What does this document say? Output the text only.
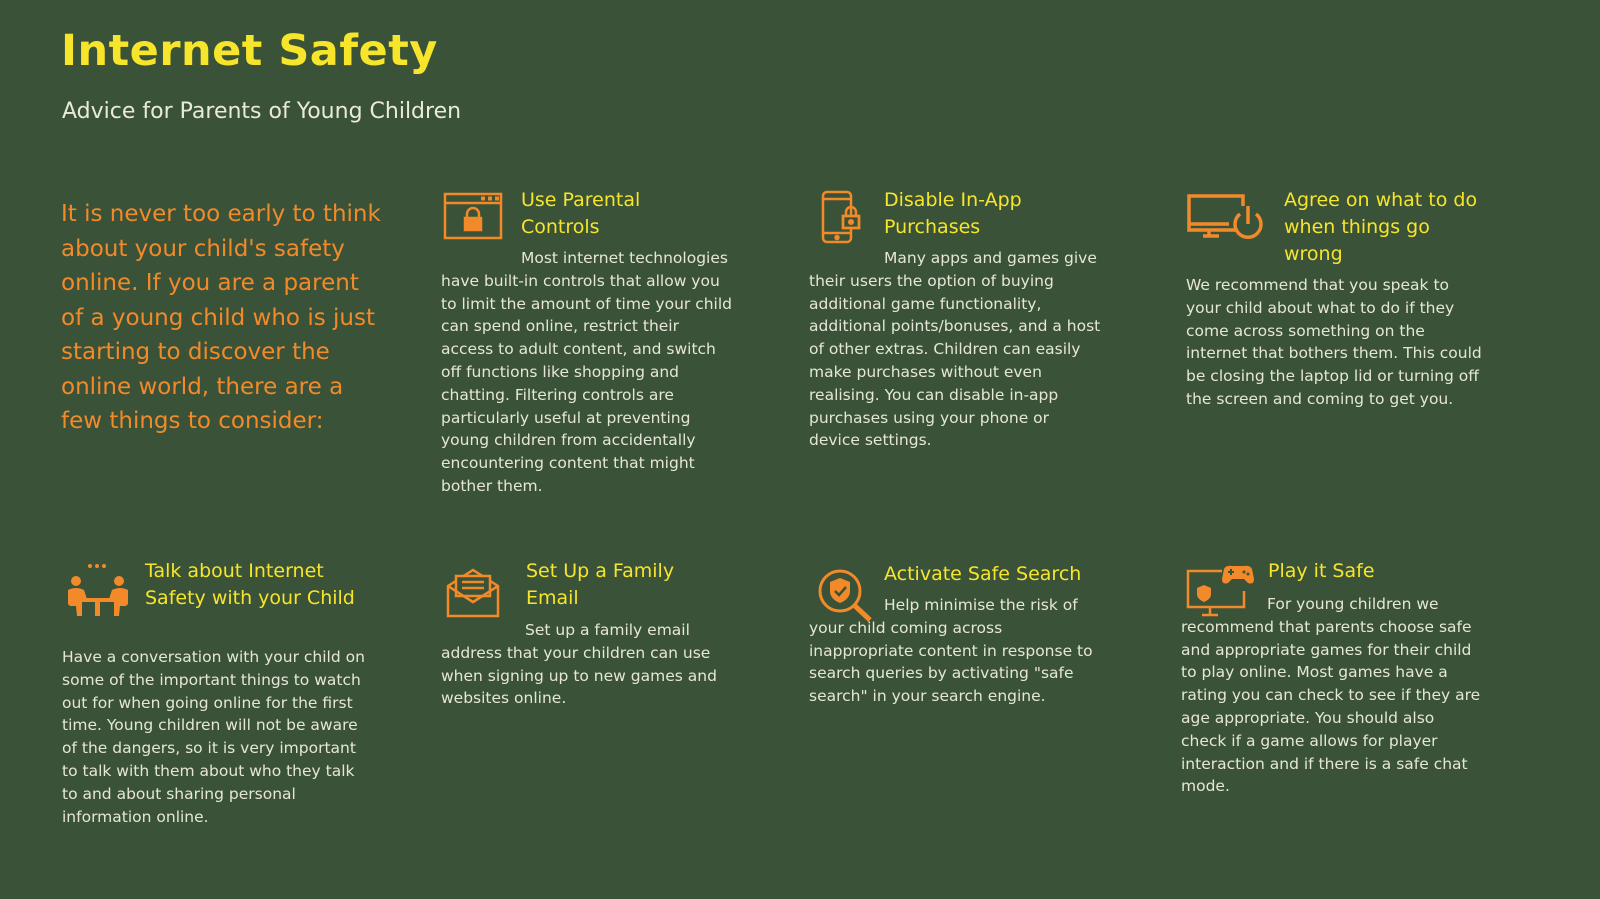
Internet Safety
Advice for Parents of Young Children
It is never too early to think about your child's safety online. If you are a parent of a young child who is just starting to discover the online world, there are a few things to consider:
Use Parental Controls
Most internet technologies have built-in controls that allow you to limit the amount of time your child can spend online, restrict their access to adult content, and switch off functions like shopping and chatting. Filtering controls are particularly useful at preventing young children from accidentally encountering content that might bother them.
Disable In-App Purchases
Many apps and games give their users the option of buying additional game functionality, additional points/bonuses, and a host of other extras. Children can easily make purchases without even realising. You can disable in-app purchases using your phone or device settings.
Agree on what to do when things go wrong
We recommend that you speak to your child about what to do if they come across something on the internet that bothers them. This could be closing the laptop lid or turning off the screen and coming to get you.
Talk about Internet Safety with your Child
Have a conversation with your child on some of the important things to watch out for when going online for the first time. Young children will not be aware of the dangers, so it is very important to talk with them about who they talk to and about sharing personal information online.
Set Up a Family Email
Set up a family email address that your children can use when signing up to new games and websites online.
Activate Safe Search
Help minimise the risk of your child coming across inappropriate content in response to search queries by activating "safe search" in your search engine.
Play it Safe
For young children we recommend that parents choose safe and appropriate games for their child to play online. Most games have a rating you can check to see if they are age appropriate. You should also check if a game allows for player interaction and if there is a safe chat mode.
